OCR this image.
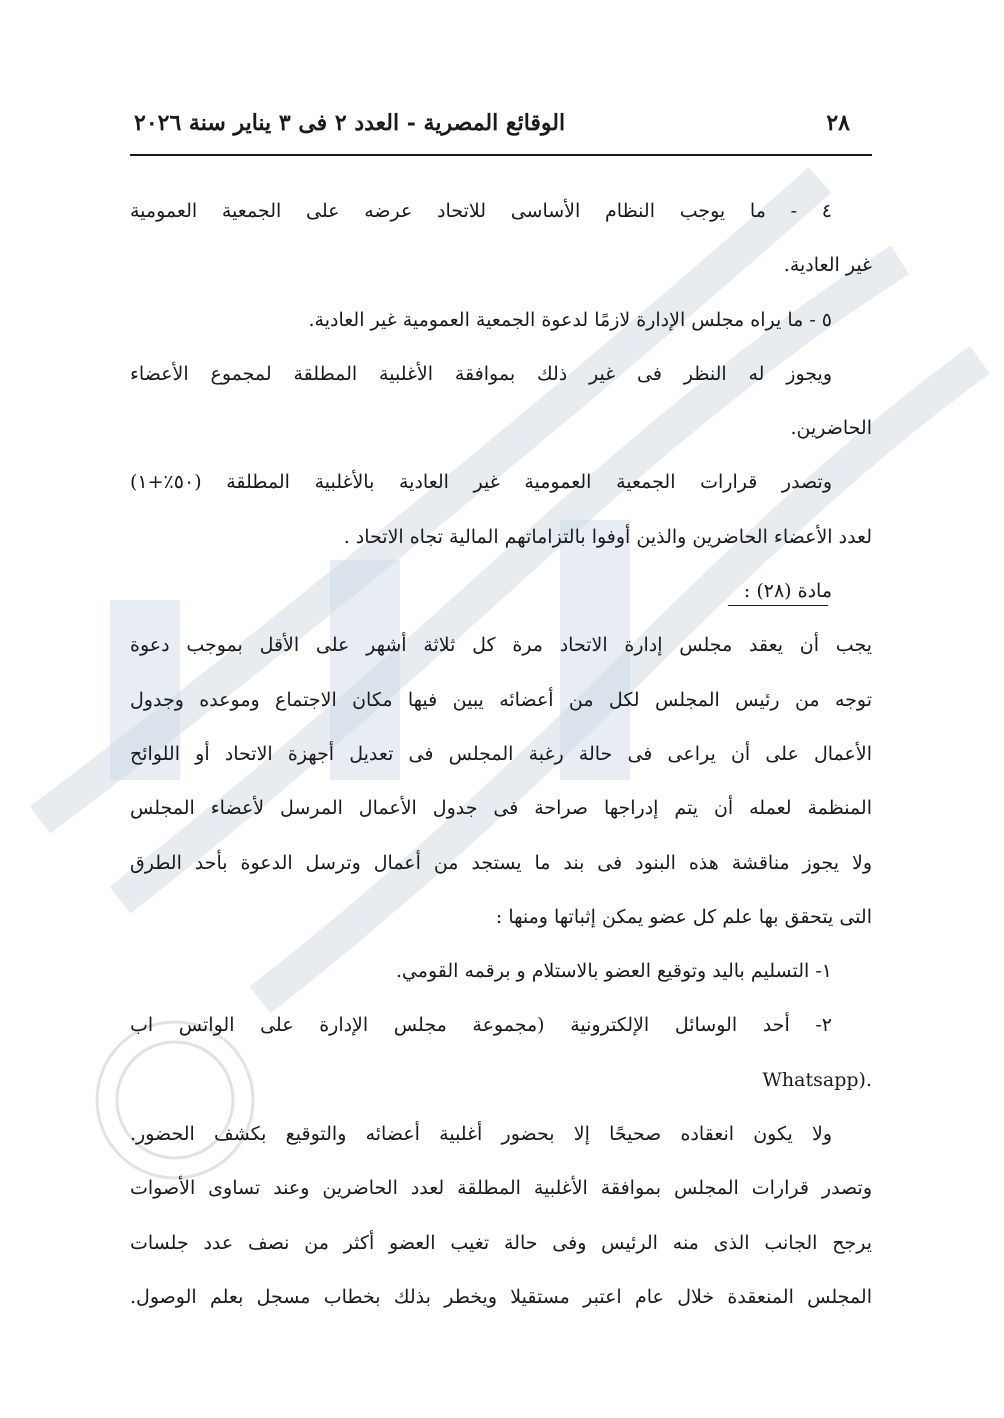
٢٨
الوقائع المصرية - العدد ٢ فى ٣ يناير سنة ٢٠٢٦
٤ - ما يوجب النظام الأساسى للاتحاد عرضه على الجمعية العمومية
غير العادية.
٥ - ما يراه مجلس الإدارة لازمًا لدعوة الجمعية العمومية غير العادية.
ويجوز له النظر فى غير ذلك بموافقة الأغلبية المطلقة لمجموع الأعضاء
الحاضرين.
وتصدر قرارات الجمعية العمومية غير العادية بالأغلبية المطلقة (٥٠٪+١)
لعدد الأعضاء الحاضرين والذين أوفوا بالتزاماتهم المالية تجاه الاتحاد .
مادة (٢٨) :
يجب أن يعقد مجلس إدارة الاتحاد مرة كل ثلاثة أشهر على الأقل بموجب دعوة
توجه من رئيس المجلس لكل من أعضائه يبين فيها مكان الاجتماع وموعده وجدول
الأعمال على أن يراعى فى حالة رغبة المجلس فى تعديل أجهزة الاتحاد أو اللوائح
المنظمة لعمله أن يتم إدراجها صراحة فى جدول الأعمال المرسل لأعضاء المجلس
ولا يجوز مناقشة هذه البنود فى بند ما يستجد من أعمال وترسل الدعوة بأحد الطرق
التى يتحقق بها علم كل عضو يمكن إثباتها ومنها :
١- التسليم باليد وتوقيع العضو بالاستلام و برقمه القومي.
٢- أحد الوسائل الإلكترونية (مجموعة مجلس الإدارة على الواتس اب
.(Whatsapp
ولا يكون انعقاده صحيحًا إلا بحضور أغلبية أعضائه والتوقيع بكشف الحضور.
وتصدر قرارات المجلس بموافقة الأغلبية المطلقة لعدد الحاضرين وعند تساوى الأصوات
يرجح الجانب الذى منه الرئيس وفى حالة تغيب العضو أكثر من نصف عدد جلسات
المجلس المنعقدة خلال عام اعتبر مستقيلا ويخطر بذلك بخطاب مسجل بعلم الوصول.
